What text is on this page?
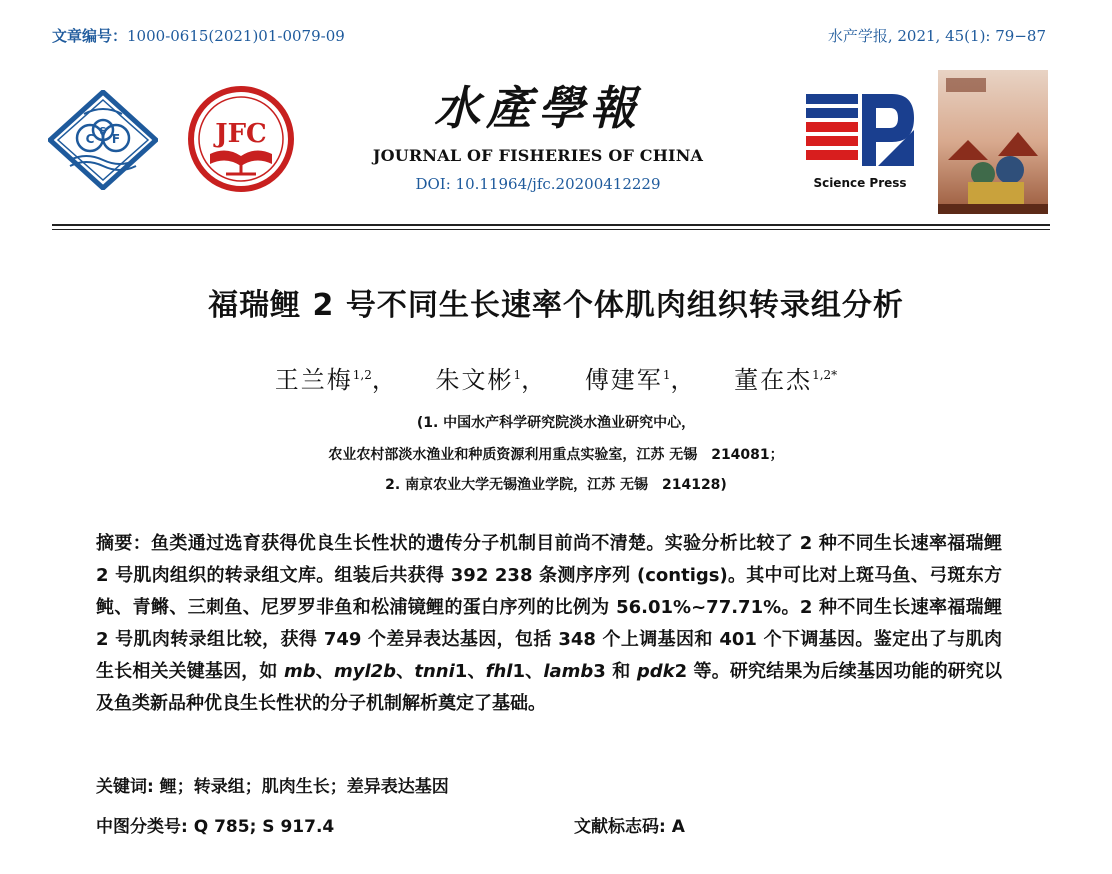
文章编号：1000-0615(2021)01-0079-09	水产学报, 2021, 45(1): 79−87
C
S
F	JFC	水產學報
JOURNAL OF FISHERIES OF CHINA
DOI: 10.11964/jfc.20200412229	Science Press
福瑞鲤 2 号不同生长速率个体肌肉组织转录组分析
王兰梅$^{1,2}$， 朱文彬$^1$， 傅建军$^1$， 董在杰$^{1,2*}$
(1. 中国水产科学研究院淡水渔业研究中心，
农业农村部淡水渔业和种质资源利用重点实验室，江苏 无锡　214081；
2. 南京农业大学无锡渔业学院，江苏 无锡　214128)

摘要：鱼类通过选育获得优良生长性状的遗传分子机制目前尚不清楚。实验分析比较了 2 种不同生长速率福瑞鲤 2 号肌肉组织的转录组文库。组装后共获得 392 238 条测序序列 (contigs)。其中可比对上斑马鱼、弓斑东方鲀、青鳉、三刺鱼、尼罗罗非鱼和松浦镜鲤的蛋白序列的比例为 56.01%~77.71%。2 种不同生长速率福瑞鲤 2 号肌肉转录组比较，获得 749 个差异表达基因，包括 348 个上调基因和 401 个下调基因。鉴定出了与肌肉生长相关关键基因，如 mb、myl2b、tnni1、fhl1、lamb3 和 pdk2 等。研究结果为后续基因功能的研究以及鱼类新品种优良生长性状的分子机制解析奠定了基础。

关键词: 鲤；转录组；肌肉生长；差异表达基因
中图分类号: Q 785; S 917.4	文献标志码: A
